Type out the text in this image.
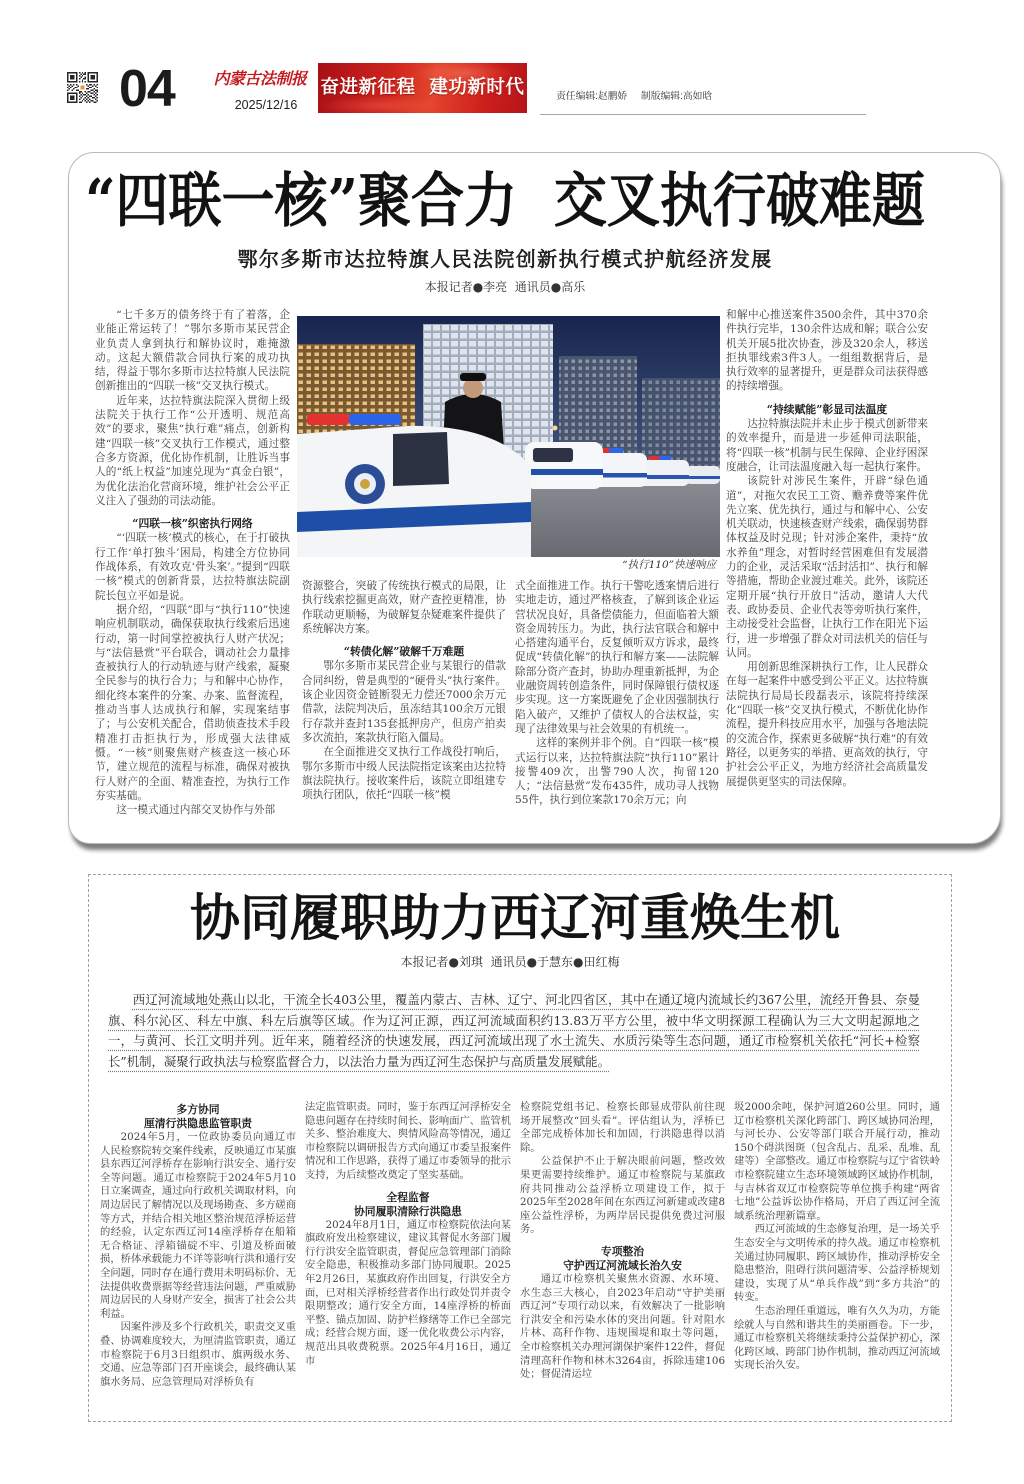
04	内蒙古法制报
2025/12/16
奋进新征程  建功新时代	责任编辑:赵鹏娇     制版编辑:高如晗
“四联一核”聚合力  交叉执行破难题
鄂尔多斯市达拉特旗人民法院创新执行模式护航经济发展
本报记者●李亮  通讯员●高乐
“执行110”快速响应

“七千多万的债务终于有了着落，企业能正常运转了！”鄂尔多斯市某民营企业负责人拿到执行和解协议时，难掩激动。这起大额借款合同执行案的成功执结，得益于鄂尔多斯市达拉特旗人民法院创新推出的“四联一核”交叉执行模式。

近年来，达拉特旗法院深入贯彻上级法院关于执行工作“公开透明、规范高效”的要求，聚焦“执行难”痛点，创新构建“四联一核”交叉执行工作模式，通过整合多方资源，优化协作机制，让胜诉当事人的“纸上权益”加速兑现为“真金白银”，为优化法治化营商环境，维护社会公平正义注入了强劲的司法动能。

“四联一核”织密执行网络

“‘四联一核’模式的核心，在于打破执行工作‘单打独斗’困局，构建全方位协同作战体系，有效攻克‘骨头案’。”提到“四联一核”模式的创新背景，达拉特旗法院副院长包立平如是说。

据介绍，“四联”即与“执行110”快速响应机制联动，确保获取执行线索后迅速行动，第一时间掌控被执行人财产状况；与“法信悬赏”平台联合，调动社会力量排查被执行人的行动轨迹与财产线索，凝聚全民参与的执行合力；与和解中心协作，细化终本案件的分案、办案、监督流程，推动当事人达成执行和解，实现案结事了；与公安机关配合，借助侦查技术手段精准打击拒执行为，形成强大法律威慑。“一核”则聚焦财产核查这一核心环节，建立规范的流程与标准，确保对被执行人财产的全面、精准查控，为执行工作夯实基础。

这一模式通过内部交叉协作与外部

资源整合，突破了传统执行模式的局限，让执行线索挖掘更高效，财产查控更精准，协作联动更顺畅，为破解复杂疑难案件提供了系统解决方案。

“转债化解”破解千万难题

鄂尔多斯市某民营企业与某银行的借款合同纠纷，曾是典型的“硬骨头”执行案件。该企业因资金链断裂无力偿还7000余万元借款，法院判决后，虽冻结其100余万元银行存款并查封135套抵押房产，但房产拍卖多次流拍，案款执行陷入僵局。

在全面推进交叉执行工作战役打响后，鄂尔多斯市中级人民法院指定该案由达拉特旗法院执行。接收案件后，该院立即组建专项执行团队，依托“四联一核”模

式全面推进工作。执行干警吃透案情后进行实地走访，通过严格核查，了解到该企业运营状况良好，具备偿债能力，但面临着大额资金周转压力。为此，执行法官联合和解中心搭建沟通平台，反复倾听双方诉求，最终促成“转债化解”的执行和解方案——法院解除部分资产查封，协助办理重新抵押，为企业融资周转创造条件，同时保障银行债权逐步实现。这一方案既避免了企业因强制执行陷入破产，又维护了债权人的合法权益，实现了法律效果与社会效果的有机统一。

这样的案例并非个例。自“四联一核”模式运行以来，达拉特旗法院“执行110”累计接警409次，出警790人次，拘留120人；“法信悬赏”发布435件，成功寻人找物55件，执行到位案款170余万元；向

和解中心推送案件3500余件，其中370余件执行完毕，130余件达成和解；联合公安机关开展5批次协查，涉及320余人，移送拒执罪线索3件3人。一组组数据背后，是执行效率的显著提升，更是群众司法获得感的持续增强。

“持续赋能”彰显司法温度

达拉特旗法院并未止步于模式创新带来的效率提升，而是进一步延伸司法职能，将“四联一核”机制与民生保障、企业纾困深度融合，让司法温度融入每一起执行案件。

该院针对涉民生案件，开辟“绿色通道”，对拖欠农民工工资、赡养费等案件优先立案、优先执行，通过与和解中心、公安机关联动，快速核查财产线索，确保弱势群体权益及时兑现；针对涉企案件，秉持“放水养鱼”理念，对暂时经营困难但有发展潜力的企业，灵活采取“活封活扣”、执行和解等措施，帮助企业渡过难关。此外，该院还定期开展“执行开放日”活动，邀请人大代表、政协委员、企业代表等旁听执行案件，主动接受社会监督，让执行工作在阳光下运行，进一步增强了群众对司法机关的信任与认同。

用创新思维深耕执行工作，让人民群众在每一起案件中感受到公平正义。达拉特旗法院执行局局长段磊表示，该院将持续深化“四联一核”交叉执行模式，不断优化协作流程，提升科技应用水平，加强与各地法院的交流合作，探索更多破解“执行难”的有效路径，以更务实的举措、更高效的执行，守护社会公平正义，为地方经济社会高质量发展提供更坚实的司法保障。

协同履职助力西辽河重焕生机
本报记者●刘琪  通讯员●于慧东●田红梅

西辽河流域地处燕山以北，干流全长403公里，覆盖内蒙古、吉林、辽宁、河北四省区，其中在通辽境内流域长约367公里，流经开鲁县、奈曼旗、科尔沁区、科左中旗、科左后旗等区域。作为辽河正源，西辽河流域面积约13.83万平方公里，被中华文明探源工程确认为三大文明起源地之一，与黄河、长江文明并列。近年来，随着经济的快速发展，西辽河流域出现了水土流失、水质污染等生态问题，通辽市检察机关依托“河长+检察长”机制，凝聚行政执法与检察监督合力，以法治力量为西辽河生态保护与高质量发展赋能。

多方协同
厘清行洪隐患监管职责

2024年5月，一位政协委员向通辽市人民检察院转交案件线索，反映通辽市某旗县东西辽河浮桥存在影响行洪安全、通行安全等问题。通辽市检察院于2024年5月10日立案调查，通过向行政机关调取材料，向周边居民了解情况以及现场勘查、多方磋商等方式，并结合相关地区整治规范浮桥运营的经验，认定东西辽河14座浮桥存在船箱无合格证、浮箱锚碇不牢、引道及桥面破损，桥体承载能力不详等影响行洪和通行安全问题，同时存在通行费用未明码标价、无法提供收费票据等经营违法问题，严重威胁周边居民的人身财产安全，损害了社会公共利益。

因案件涉及多个行政机关，职责交叉重叠、协调难度较大，为厘清监管职责，通辽市检察院于6月3日组织市、旗两级水务、交通、应急等部门召开座谈会，最终确认某旗水务局、应急管理局对浮桥负有

法定监管职责。同时，鉴于东西辽河浮桥安全隐患问题存在持续时间长、影响面广、监管机关多、整治难度大、舆情风险高等情况，通辽市检察院以调研报告方式向通辽市委呈报案件情况和工作思路，获得了通辽市委领导的批示支持，为后续整改奠定了坚实基础。

全程监督
协同履职清除行洪隐患

2024年8月1日，通辽市检察院依法向某旗政府发出检察建议，建议其督促水务部门履行行洪安全监管职责，督促应急管理部门消除安全隐患，积极推动多部门协同履职。2025年2月26日，某旗政府作出回复，行洪安全方面，已对相关浮桥经营者作出行政处罚并责令限期整改；通行安全方面，14座浮桥的桥面平整、锚点加固、防护栏修缮等工作已全部完成；经营合规方面，逐一优化收费公示内容，规范出具收费税票。2025年4月16日，通辽市

检察院党组书记、检察长郎显成带队前往现场开展整改“回头看”。评估组认为，浮桥已全部完成桥体加长和加固，行洪隐患得以消除。

公益保护不止于解决眼前问题，整改效果更需要持续维护。通辽市检察院与某旗政府共同推动公益浮桥立项建设工作，拟于2025年至2028年间在东西辽河新建或改建8座公益性浮桥，为两岸居民提供免费过河服务。

专项整治
守护西辽河流域长治久安

通辽市检察机关聚焦水资源、水环境、水生态三大核心，自2023年启动“守护美丽西辽河”专项行动以来，有效解决了一批影响行洪安全和污染水体的突出问题。针对阻水片林、高秆作物、违规围堤和取土等问题，全市检察机关办理河湖保护案件122件，督促清理高秆作物和林木3264亩，拆除违建106处；督促清运垃

圾2000余吨，保护河道260公里。同时，通辽市检察机关深化跨部门、跨区域协同治理，与河长办、公安等部门联合开展行动，推动150个碍洪图斑（包含乱占、乱采、乱堆、乱建等）全部整改。通辽市检察院与辽宁省铁岭市检察院建立生态环境领域跨区域协作机制，与吉林省双辽市检察院等单位携手构建“两省七地”公益诉讼协作格局，开启了西辽河全流域系统治理新篇章。

西辽河流域的生态修复治理，是一场关乎生态安全与文明传承的持久战。通辽市检察机关通过协同履职、跨区域协作，推动浮桥安全隐患整治，阻碍行洪问题清零、公益浮桥规划建设，实现了从“单兵作战”到“多方共治”的转变。

生态治理任重道远，唯有久久为功，方能绘就人与自然和谐共生的美丽画卷。下一步，通辽市检察机关将继续秉持公益保护初心，深化跨区域、跨部门协作机制，推动西辽河流域实现长治久安。
